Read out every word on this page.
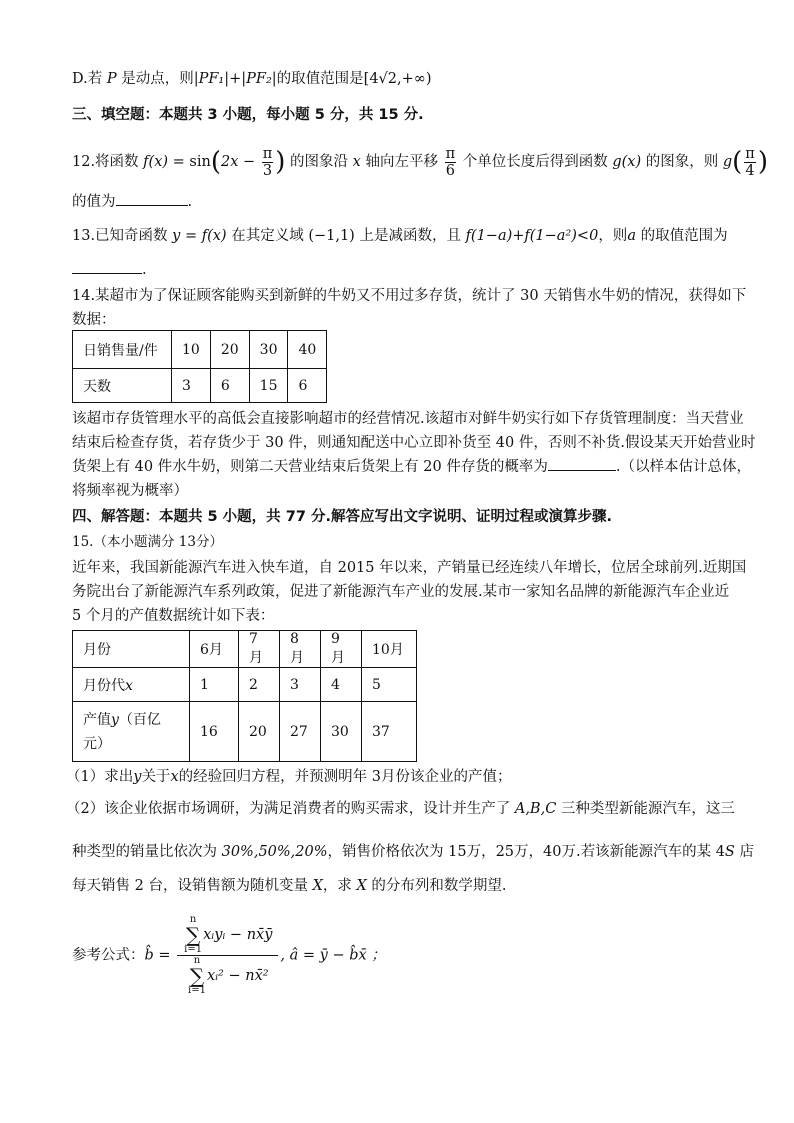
D.若 P 是动点，则|PF₁|+|PF₂|的取值范围是[4√2,+∞)
三、填空题：本题共 3 小题，每小题 5 分，共 15 分.
12.将函数 $f(x) = \sin(2x - \frac{\pi}{3}$ ) 的图象沿 x 轴向左平移 $\frac{\pi}{6}$ 个单位长度后得到函数 g(x) 的图象，则 $g( \frac{\pi}{4}$ )
的值为	.
13.已知奇函数 y = f(x) 在其定义域 (−1,1) 上是减函数，且 f(1−a)+f(1−a²)<0，则a 的取值范围为
.
14.某超市为了保证顾客能购买到新鲜的牛奶又不用过多存货，统计了 30 天销售水牛奶的情况，获得如下
数据：
日销售量/件	10	20	30	40
天数	3	6	15	6
该超市存货管理水平的高低会直接影响超市的经营情况.该超市对鲜牛奶实行如下存货管理制度：当天营业
结束后检查存货，若存货少于 30 件，则通知配送中心立即补货至 40 件，否则不补货.假设某天开始营业时
货架上有 40 件水牛奶，则第二天营业结束后货架上有 20 件存货的概率为	.（以样本估计总体，
将频率视为概率）
四、解答题：本题共 5 小题，共 77 分.解答应写出文字说明、证明过程或演算步骤.
15.（本小题满分 13分）
近年来，我国新能源汽车进入快车道，自 2015 年以来，产销量已经连续八年增长，位居全球前列.近期国
务院出台了新能源汽车系列政策，促进了新能源汽车产业的发展.某市一家知名品牌的新能源汽车企业近
5 个月的产值数据统计如下表：
月份	6月	7月	8月	9月	10月
月份代x	1	2	3	4	5
产值y（百亿
元）	16	20	27	30	37
（1）求出y关于x的经验回归方程，并预测明年 3月份该企业的产值；
（2）该企业依据市场调研，为满足消费者的购买需求，设计并生产了 A,B,C 三种类型新能源汽车，这三
种类型的销量比依次为 30%,50%,20%，销售价格依次为 15万，25万，40万.若该新能源汽车的某 4S 店
每天销售 2 台，设销售额为随机变量 X，求 X 的分布列和数学期望.
参考公式：b̂ = n
∑
i=1xᵢyᵢ − nx̄ȳ
n
∑
i=1xᵢ² − nx̄² , â = ȳ − b̂x̄ ；
